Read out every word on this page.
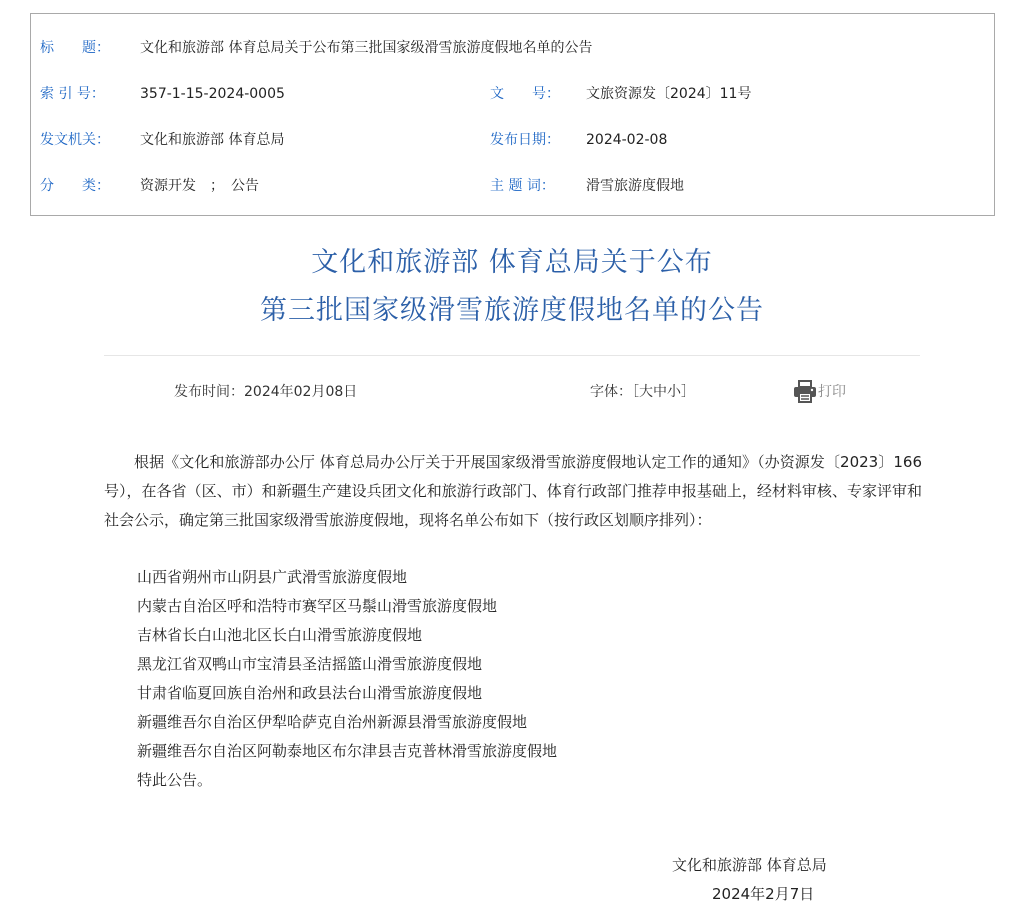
标　　题： 文化和旅游部 体育总局关于公布第三批国家级滑雪旅游度假地名单的公告
索 引 号：	357-1-15-2024-0005	文　　号： 文旅资源发〔2024〕11号
发文机关： 文化和旅游部 体育总局	发布日期： 2024-02-08
分　　类： 资源开发　；　公告	主 题 词： 滑雪旅游度假地
文化和旅游部 体育总局关于公布
第三批国家级滑雪旅游度假地名单的公告
发布时间：2024年02月08日	字体：［大中小］	打印

根据《文化和旅游部办公厅 体育总局办公厅关于开展国家级滑雪旅游度假地认定工作的通知》（办资源发〔2023〕166号），在各省（区、市）和新疆生产建设兵团文化和旅游行政部门、体育行政部门推荐申报基础上，经材料审核、专家评审和社会公示，确定第三批国家级滑雪旅游度假地，现将名单公布如下（按行政区划顺序排列）：

山西省朔州市山阴县广武滑雪旅游度假地
内蒙古自治区呼和浩特市赛罕区马鬃山滑雪旅游度假地
吉林省长白山池北区长白山滑雪旅游度假地
黑龙江省双鸭山市宝清县圣洁摇篮山滑雪旅游度假地
甘肃省临夏回族自治州和政县法台山滑雪旅游度假地
新疆维吾尔自治区伊犁哈萨克自治州新源县滑雪旅游度假地
新疆维吾尔自治区阿勒泰地区布尔津县吉克普林滑雪旅游度假地
特此公告。
文化和旅游部 体育总局
2024年2月7日
